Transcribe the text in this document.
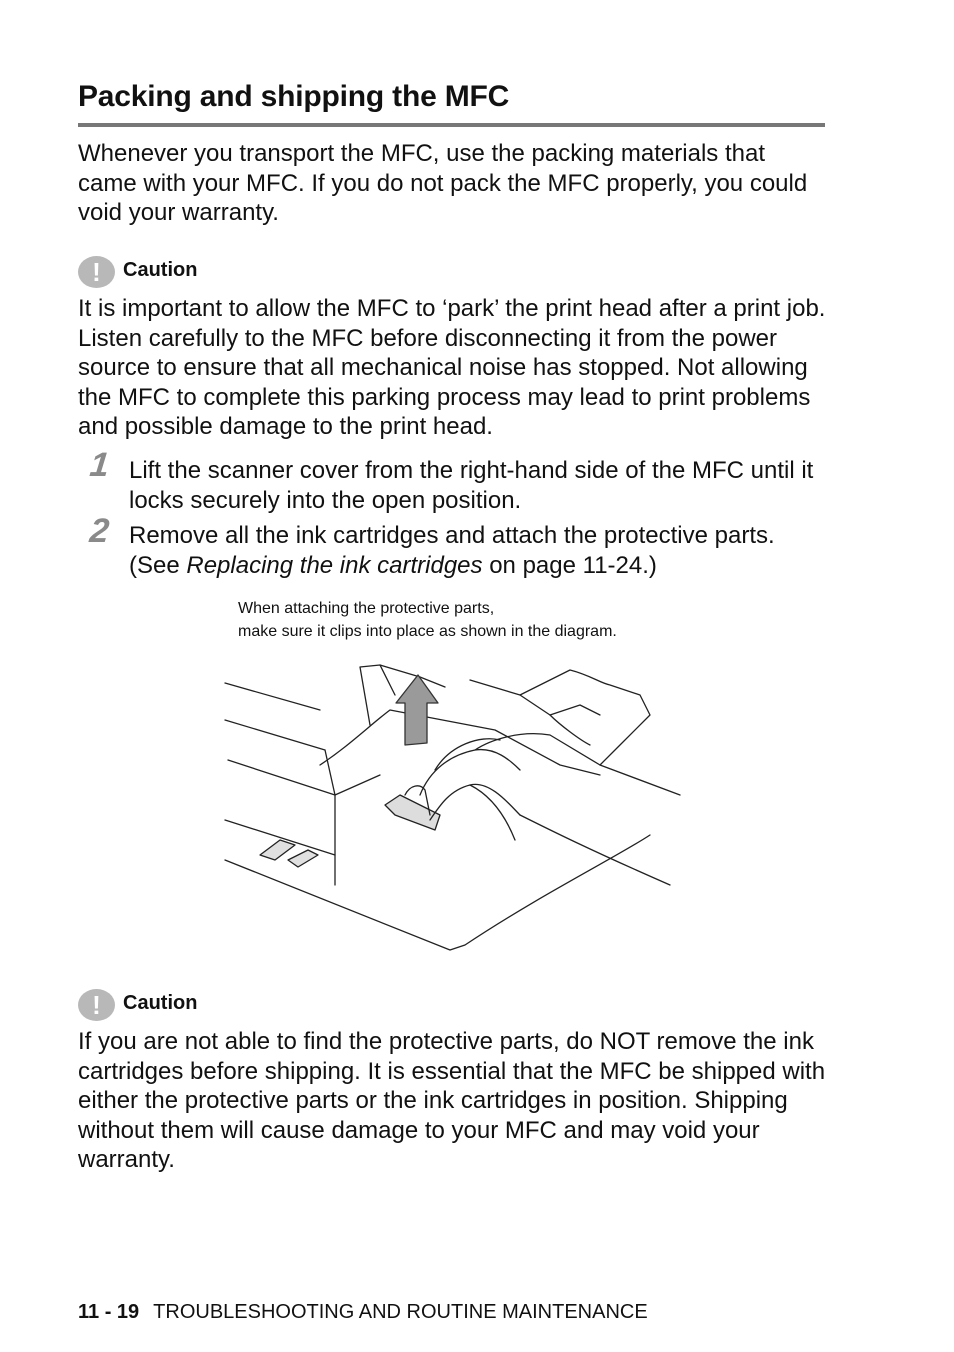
Packing and shipping the MFC

Whenever you transport the MFC, use the packing materials that came with your MFC. If you do not pack the MFC properly, you could void your warranty.

!	Caution

It is important to allow the MFC to ‘park’ the print head after a print job. Listen carefully to the MFC before disconnecting it from the power source to ensure that all mechanical noise has stopped. Not allowing the MFC to complete this parking process may lead to print problems and possible damage to the print head.

1 Lift the scanner cover from the right-hand side of the MFC until it locks securely into the open position.

2 Remove all the ink cartridges and attach the protective parts. (See Replacing the ink cartridges on page 11-24.)

When attaching the protective parts,
make sure it clips into place as shown in the diagram.
!	Caution

If you are not able to find the protective parts, do NOT remove the ink cartridges before shipping. It is essential that the MFC be shipped with either the protective parts or the ink cartridges in position. Shipping without them will cause damage to your MFC and may void your warranty.

11 - 19 TROUBLESHOOTING AND ROUTINE MAINTENANCE
